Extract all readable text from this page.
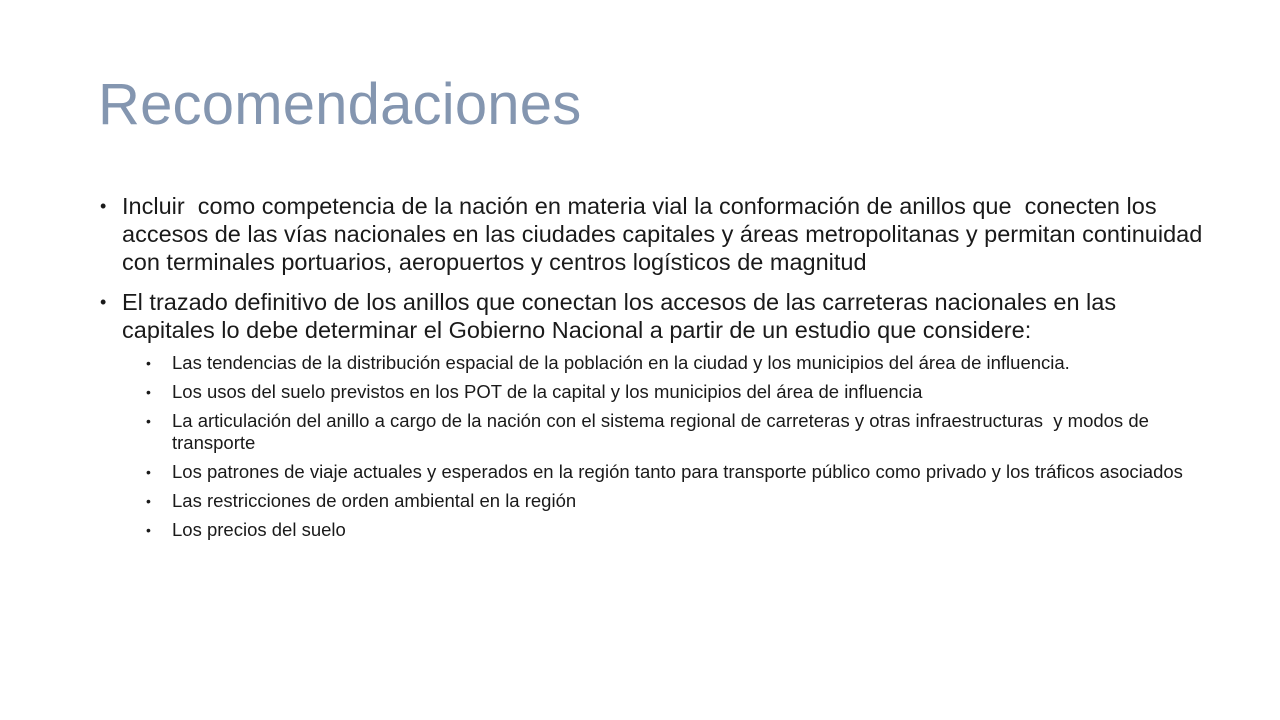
Recomendaciones
• Incluir  como competencia de la nación en materia vial la conformación de anillos que  conecten los accesos de las vías nacionales en las ciudades capitales y áreas metropolitanas y permitan continuidad con terminales portuarios, aeropuertos y centros logísticos de magnitud
• El trazado definitivo de los anillos que conectan los accesos de las carreteras nacionales en las capitales lo debe determinar el Gobierno Nacional a partir de un estudio que considere:
• Las tendencias de la distribución espacial de la población en la ciudad y los municipios del área de influencia.
• Los usos del suelo previstos en los POT de la capital y los municipios del área de influencia
• La articulación del anillo a cargo de la nación con el sistema regional de carreteras y otras infraestructuras  y modos de transporte
• Los patrones de viaje actuales y esperados en la región tanto para transporte público como privado y los tráficos asociados
• Las restricciones de orden ambiental en la región
• Los precios del suelo
